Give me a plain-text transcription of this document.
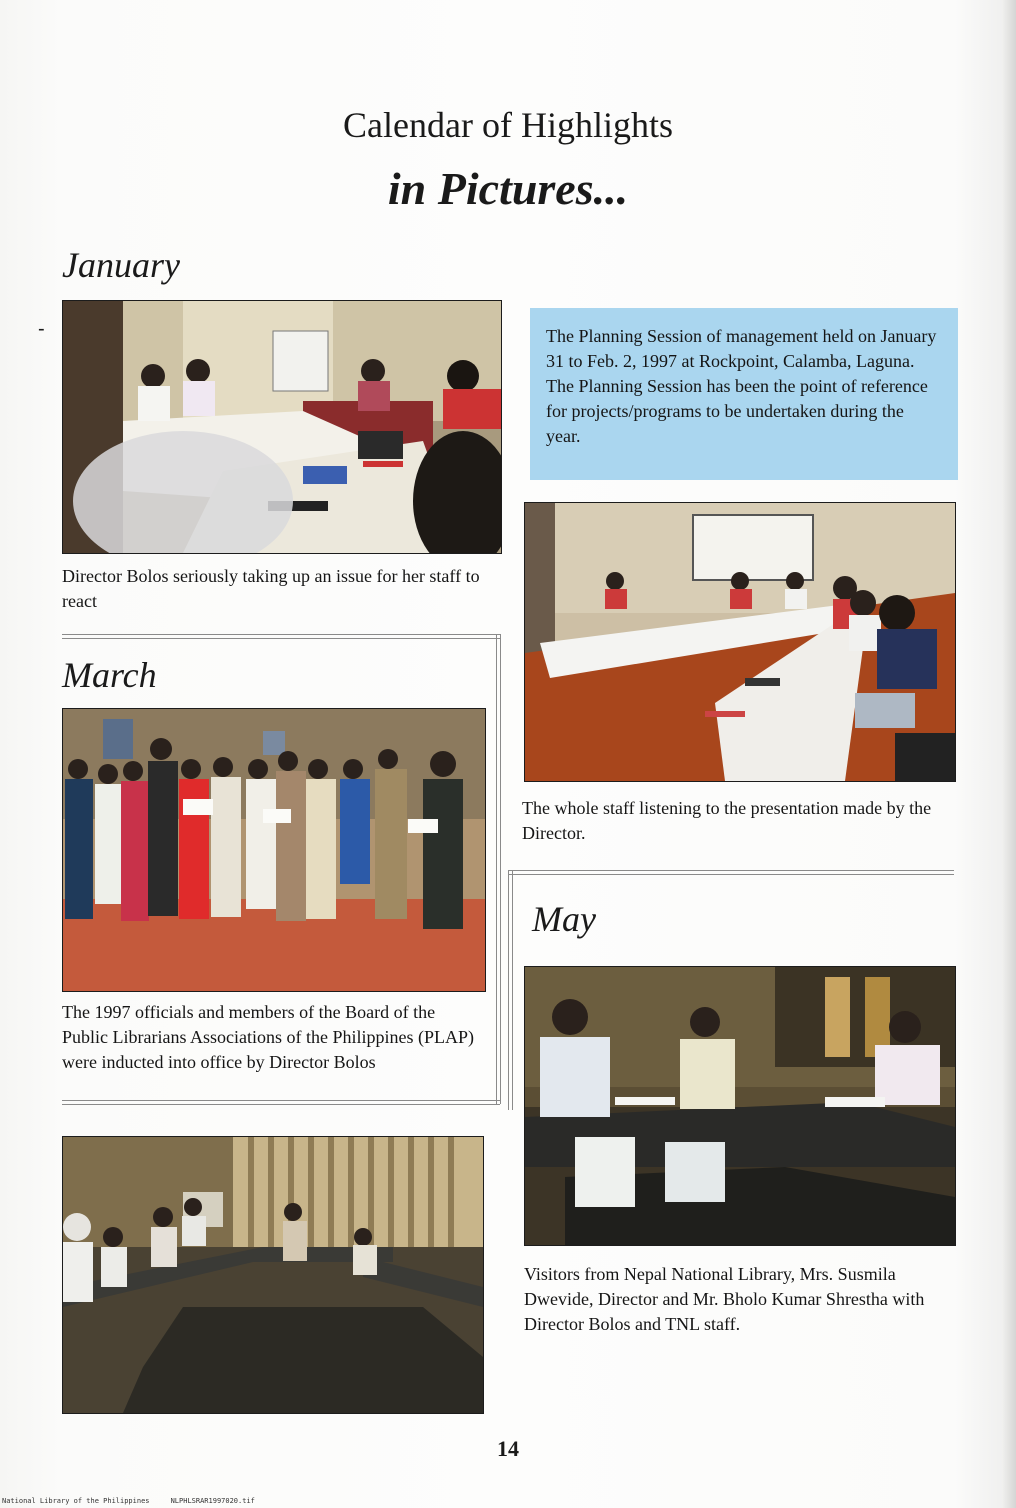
-
Calendar of Highlights
in Pictures...
January
Director Bolos seriously taking up an issue for her staff to react
The Planning Session of management held on January 31 to Feb. 2, 1997 at Rockpoint, Calamba, Laguna. The Planning Session has been the point of reference for projects/programs to be undertaken during the year.
The whole staff listening to the presentation made by the Director.
March
The 1997 officials and members of the Board of the Public Librarians Associations of the Philippines (PLAP) were inducted into office by Director Bolos
May
Visitors from Nepal National Library, Mrs. Susmila Dwevide, Director and Mr. Bholo Kumar Shrestha with Director Bolos and TNL staff.
14
National Library of the Philippines	NLPHLSRAR1997020.tif
